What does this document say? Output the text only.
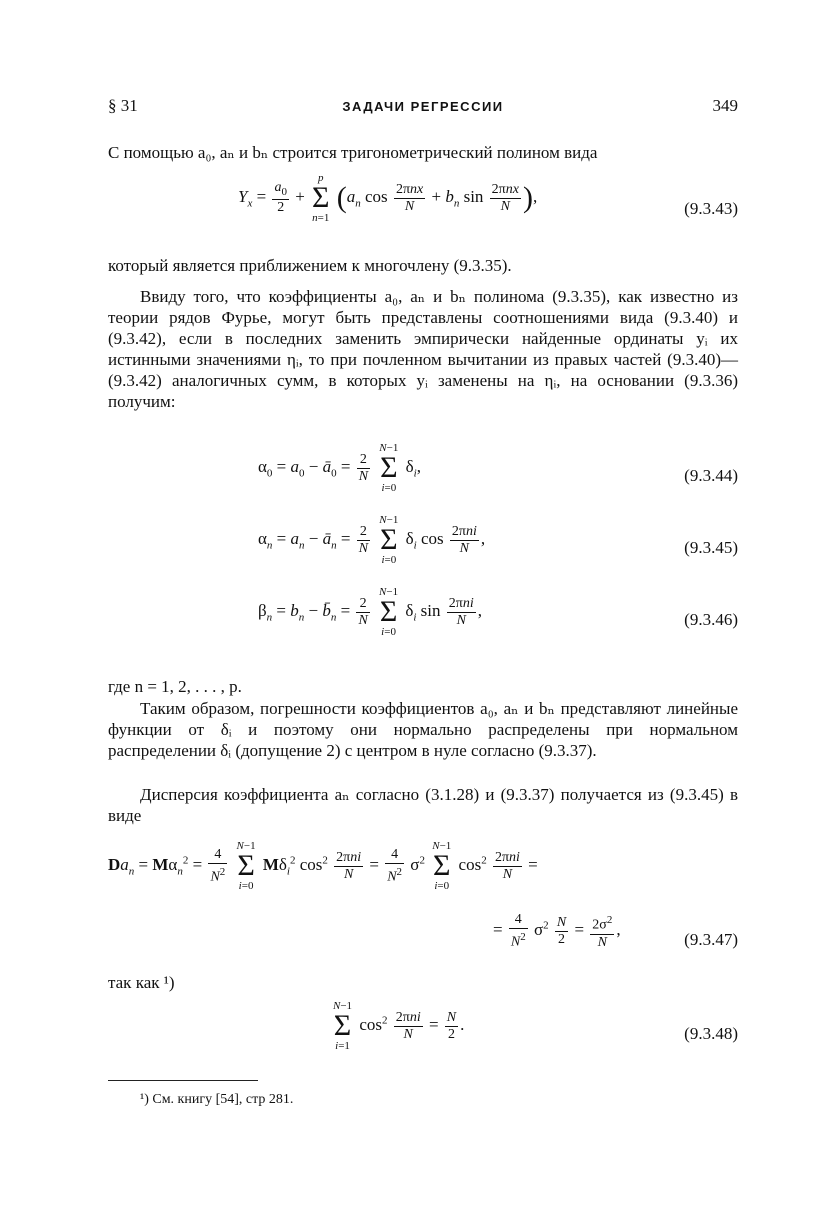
§ 31	ЗАДАЧИ РЕГРЕССИИ	349
С помощью a₀, aₙ и bₙ строится тригонометрический полином вида
$Y_x = \frac{a_0}{2}$ +
p
Σ
n=1
($a_n$ $\cos \frac{\text{2πnx}}{N} + b_n$ $\sin \frac{\text{2πnx}}{N}$ ),
(9.3.43)
который является приближением к многочлену (9.3.35).
Ввиду того, что коэффициенты a₀, aₙ и bₙ полинома (9.3.35), как известно из теории рядов Фурье, могут быть представлены соотношениями вида (9.3.40) и (9.3.42), если в последних заменить эмпирически найденные ординаты yᵢ их истинными значениями ηᵢ, то при почленном вычитании из правых частей (9.3.40)—(9.3.42) аналогичных сумм, в которых yᵢ заменены на ηᵢ, на основании (9.3.36) получим:
$\alpha_0 = a_0$ − $ā_0 = \frac{2}{N}$

N−1
Σ
i=0
$\delta_i$,	(9.3.44)
$\alpha_n = a_n$ − $ā_n = \frac{2}{N}$

N−1
Σ
i=0
$\delta_i$ $\cos \frac{\text{2πni}}{N}$ ,	(9.3.45)
$\beta_n = b_n$ − $b̄_n = \frac{2}{N}$

N−1
Σ
i=0
$\delta_i$ $\sin \frac{\text{2πni}}{N}$ ,	(9.3.46)
где n = 1, 2, . . . , p.
Таким образом, погрешности коэффициентов a₀, aₙ и bₙ представляют линейные функции от δᵢ и поэтому они нормально распределены при нормальном распределении δᵢ (допущение 2) с центром в нуле согласно (9.3.37).
Дисперсия коэффициента aₙ согласно (3.1.28) и (9.3.37) получается из (9.3.45) в виде
$Da_n = M\alpha_n^2 = \frac{4}{N^2}$

N−1
Σ
i=0
$M\delta_i^2$ $\cos^2 \frac{\text{2πni}}{N} = \frac{4}{N^2} \sigma^2$
N−1
Σ
i=0
$\cos^2 \frac{\text{2πni}}{N}$ =
= $\frac{4}{N^2} \sigma^2 \frac{N}{2} = \frac{2\sigma^2}{N}$ ,
(9.3.47)
так как ¹)
N−1
Σ
i=1
$\cos^2 \frac{\text{2πni}}{N} = \frac{N}{2}$ .	(9.3.48)
¹) См. книгу [54], стр 281.
